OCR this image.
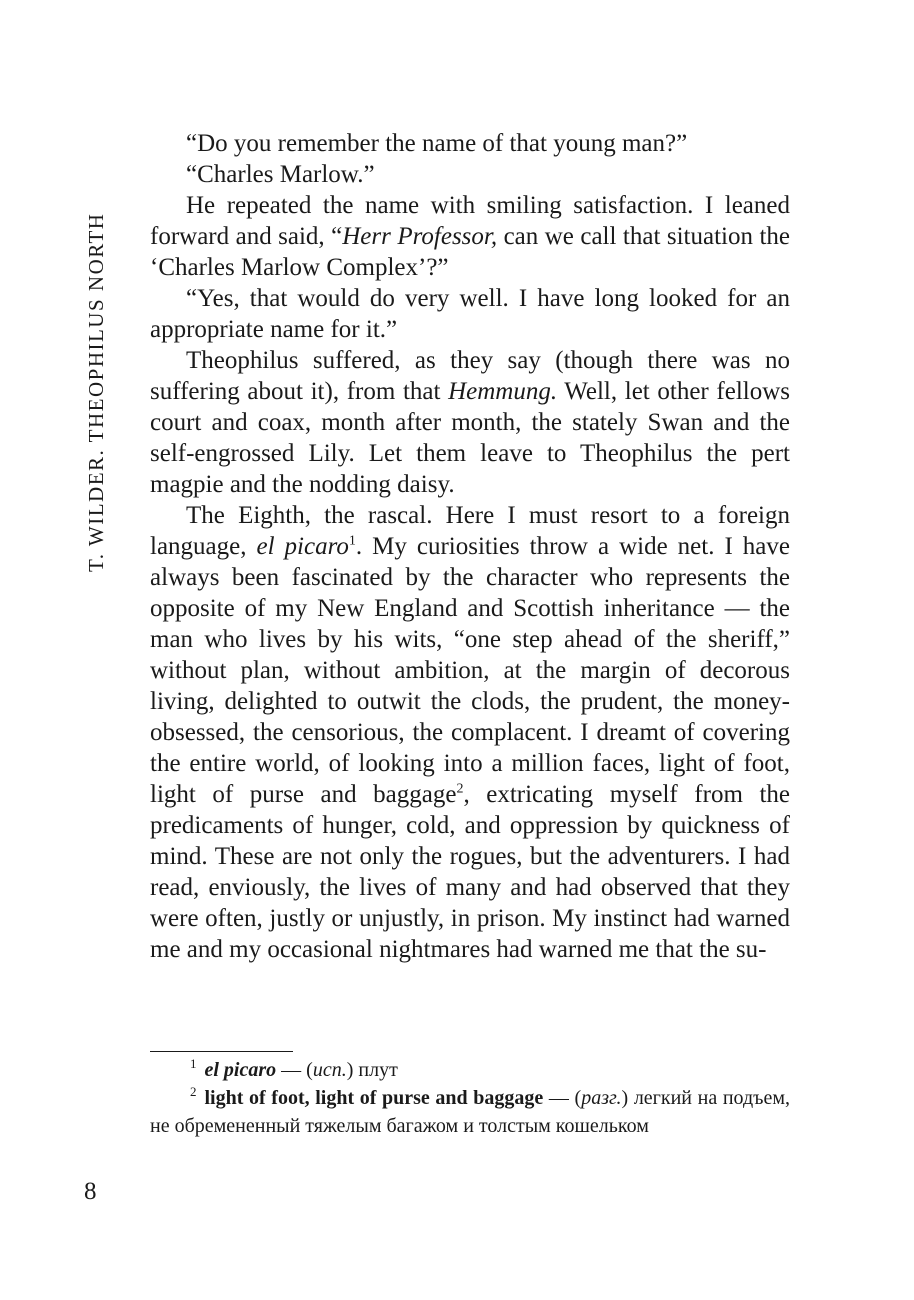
T. WILDER. THEOPHILUS NORTH

“Do you remember the name of that young man?”

“Charles Marlow.”

He repeated the name with smiling satisfaction. I leaned forward and said, “Herr Professor, can we call that situation the ‘Charles Marlow Complex’?”

“Yes, that would do very well. I have long looked for an appropriate name for it.”

Theophilus suffered, as they say (though there was no suffering about it), from that Hemmung. Well, let other fellows court and coax, month after month, the stately Swan and the self-engrossed Lily. Let them leave to Theophilus the pert magpie and the nodding daisy.

The Eighth, the rascal. Here I must resort to a foreign language, el picaro$^1$. My curiosities throw a wide net. I have always been fascinated by the character who represents the opposite of my New England and Scottish inheritance — the man who lives by his wits, “one step ahead of the sheriff,” without plan, without ambition, at the margin of decorous living, delighted to outwit the clods, the prudent, the money-obsessed, the censorious, the complacent. I dreamt of covering the entire world, of looking into a million faces, light of foot, light of purse and baggage$^2$, extricating myself from the predicaments of hunger, cold, and oppression by quickness of mind. These are not only the rogues, but the adventurers. I had read, enviously, the lives of many and had observed that they were often, justly or unjustly, in prison. My instinct had warned me and my occasional nightmares had warned me that the su-

$^1$ el picaro — (исп.) плут

$^2$ light of foot, light of purse and baggage — (разг.) легкий на подъем, не обремененный тяжелым багажом и толстым кошельком

8
